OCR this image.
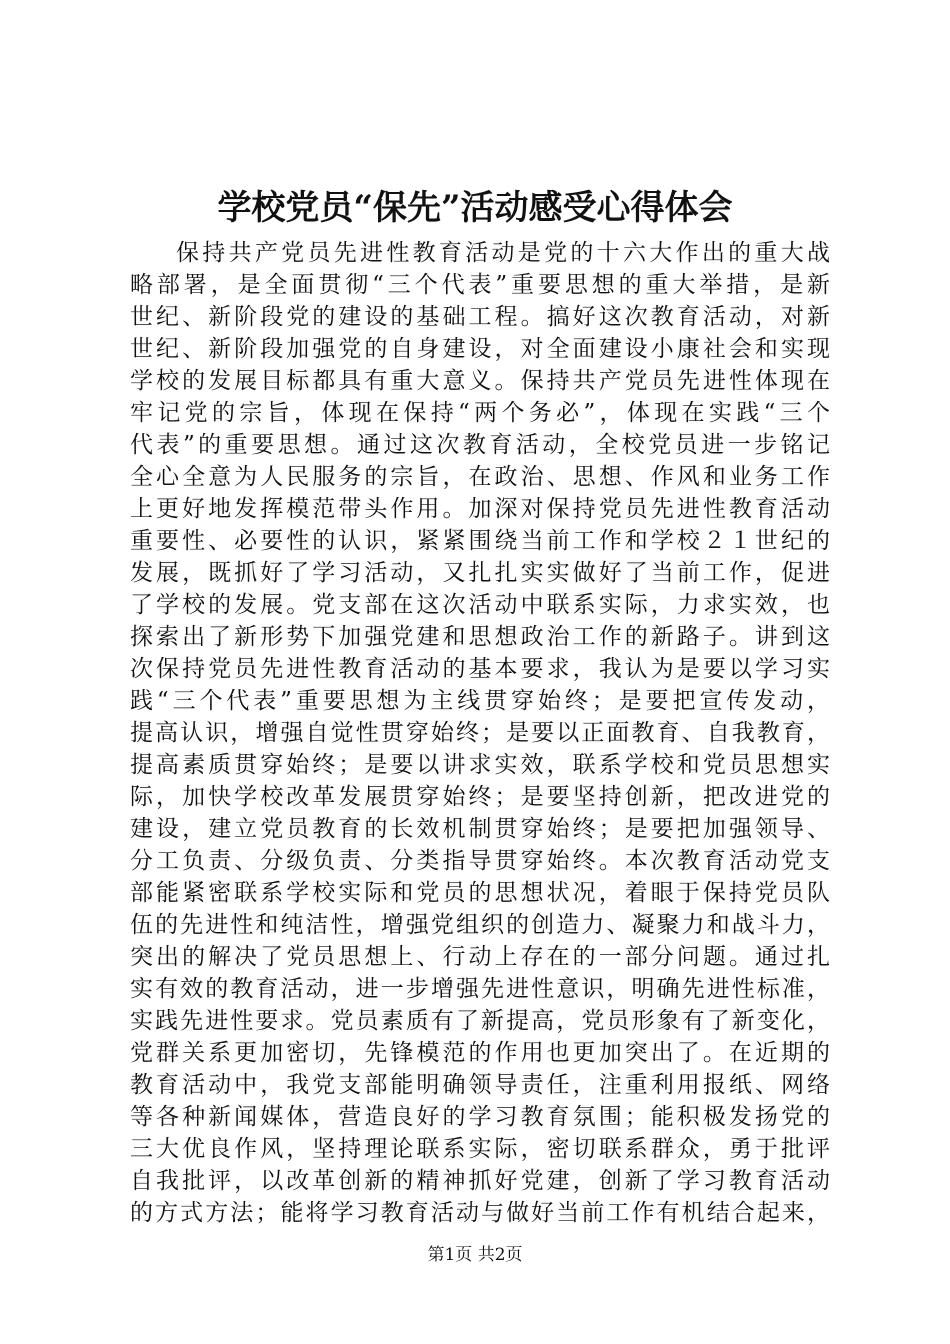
学校党员“保先”活动感受心得体会
保持共产党员先进性教育活动是党的十六大作出的重大战
略部署，是全面贯彻“三个代表”重要思想的重大举措，是新
世纪、新阶段党的建设的基础工程。搞好这次教育活动，对新
世纪、新阶段加强党的自身建设，对全面建设小康社会和实现
学校的发展目标都具有重大意义。保持共产党员先进性体现在
牢记党的宗旨，体现在保持“两个务必”，体现在实践“三个
代表”的重要思想。通过这次教育活动，全校党员进一步铭记
全心全意为人民服务的宗旨，在政治、思想、作风和业务工作
上更好地发挥模范带头作用。加深对保持党员先进性教育活动
重要性、必要性的认识，紧紧围绕当前工作和学校２１世纪的
发展，既抓好了学习活动，又扎扎实实做好了当前工作，促进
了学校的发展。党支部在这次活动中联系实际，力求实效，也
探索出了新形势下加强党建和思想政治工作的新路子。讲到这
次保持党员先进性教育活动的基本要求，我认为是要以学习实
践“三个代表”重要思想为主线贯穿始终；是要把宣传发动，
提高认识，增强自觉性贯穿始终；是要以正面教育、自我教育，
提高素质贯穿始终；是要以讲求实效，联系学校和党员思想实
际，加快学校改革发展贯穿始终；是要坚持创新，把改进党的
建设，建立党员教育的长效机制贯穿始终；是要把加强领导、
分工负责、分级负责、分类指导贯穿始终。本次教育活动党支
部能紧密联系学校实际和党员的思想状况，着眼于保持党员队
伍的先进性和纯洁性，增强党组织的创造力、凝聚力和战斗力，
突出的解决了党员思想上、行动上存在的一部分问题。通过扎
实有效的教育活动，进一步增强先进性意识，明确先进性标准，
实践先进性要求。党员素质有了新提高，党员形象有了新变化，
党群关系更加密切，先锋模范的作用也更加突出了。在近期的
教育活动中，我党支部能明确领导责任，注重利用报纸、网络
等各种新闻媒体，营造良好的学习教育氛围；能积极发扬党的
三大优良作风，坚持理论联系实际，密切联系群众，勇于批评
自我批评，以改革创新的精神抓好党建，创新了学习教育活动
的方式方法；能将学习教育活动与做好当前工作有机结合起来，
第1页 共2页
